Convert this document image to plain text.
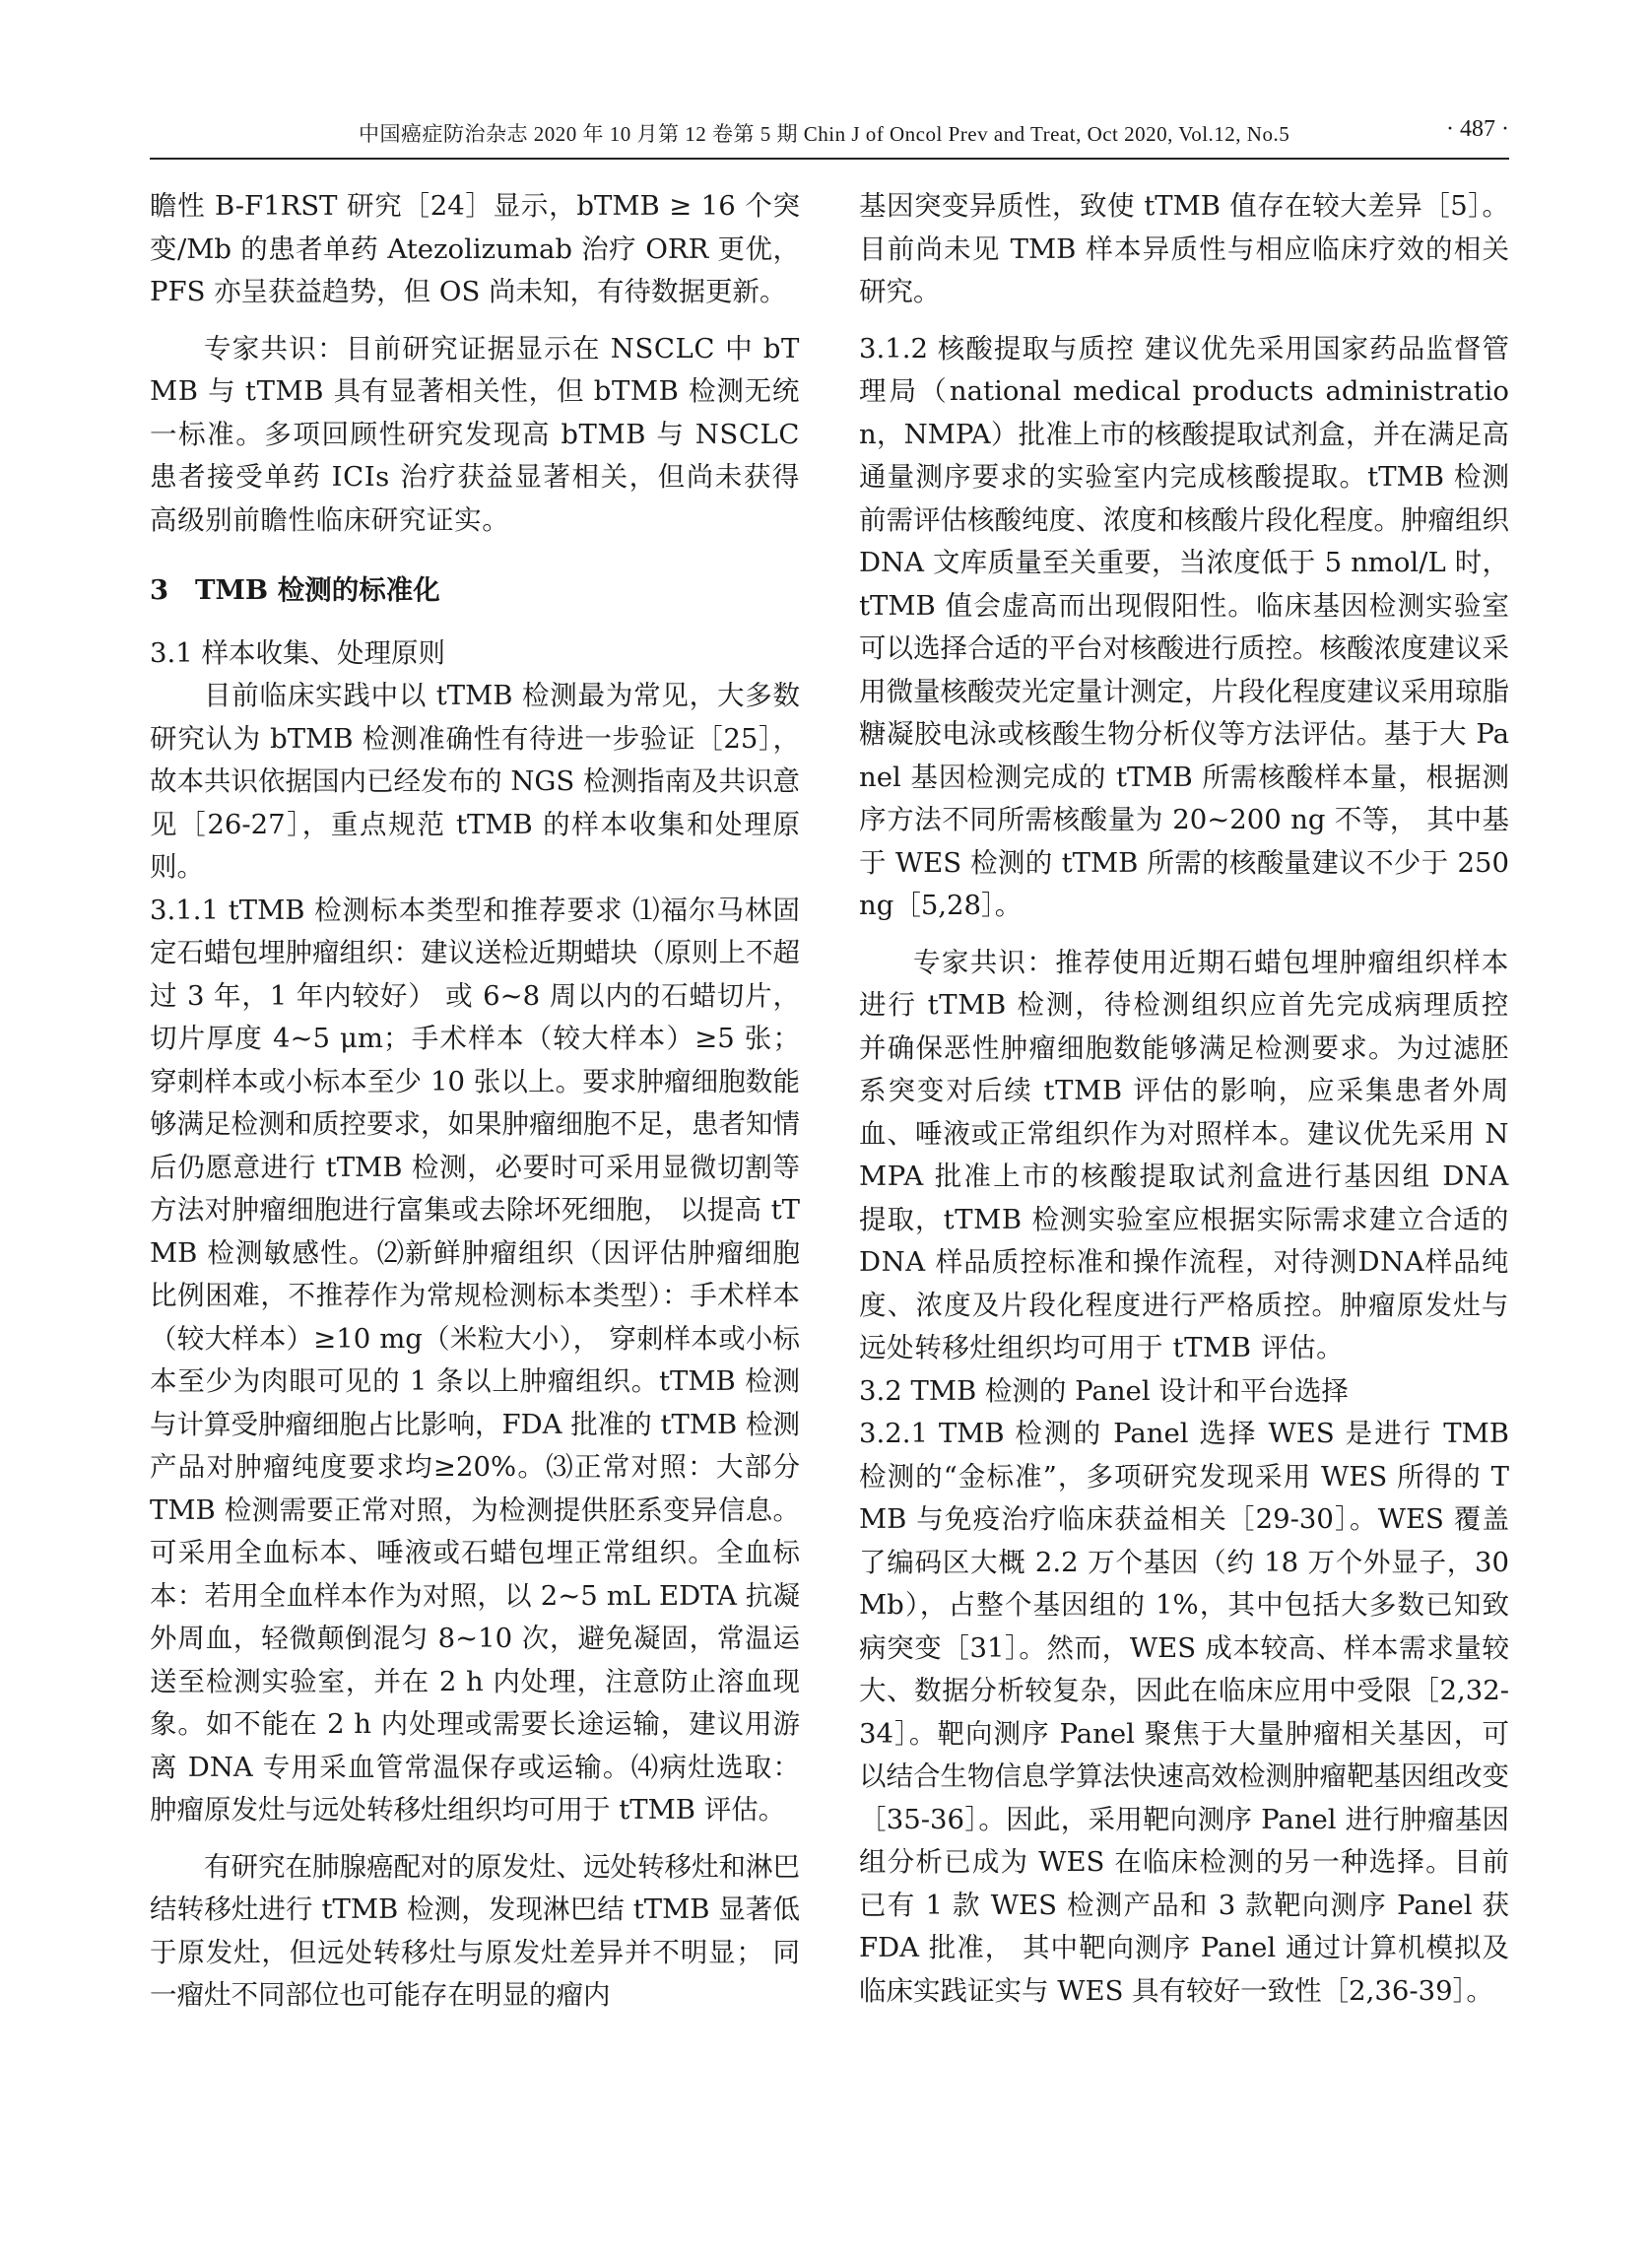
中国癌症防治杂志 2020 年 10 月第 12 卷第 5 期 Chin J of Oncol Prev and Treat, Oct 2020, Vol.12, No.5	· 487 ·

瞻性 B-F1RST 研究［24］显示，bTMB ≥ 16 个突变/Mb 的患者单药 Atezolizumab 治疗 ORR 更优，PFS 亦呈获益趋势，但 OS 尚未知，有待数据更新。

专家共识：目前研究证据显示在 NSCLC 中 bTMB 与 tTMB 具有显著相关性，但 bTMB 检测无统一标准。多项回顾性研究发现高 bTMB 与 NSCLC 患者接受单药 ICIs 治疗获益显著相关，但尚未获得高级别前瞻性临床研究证实。

3 TMB 检测的标准化
3.1 样本收集、处理原则

目前临床实践中以 tTMB 检测最为常见，大多数研究认为 bTMB 检测准确性有待进一步验证［25］，故本共识依据国内已经发布的 NGS 检测指南及共识意见［26-27］，重点规范 tTMB 的样本收集和处理原则。

3.1.1 tTMB 检测标本类型和推荐要求 ⑴福尔马林固定石蜡包埋肿瘤组织：建议送检近期蜡块（原则上不超过 3 年，1 年内较好） 或 6~8 周以内的石蜡切片，切片厚度 4~5 μm；手术样本（较大样本）≥5 张；穿刺样本或小标本至少 10 张以上。要求肿瘤细胞数能够满足检测和质控要求，如果肿瘤细胞不足，患者知情后仍愿意进行 tTMB 检测，必要时可采用显微切割等方法对肿瘤细胞进行富集或去除坏死细胞， 以提高 tTMB 检测敏感性。⑵新鲜肿瘤组织（因评估肿瘤细胞比例困难，不推荐作为常规检测标本类型）：手术样本（较大样本）≥10 mg（米粒大小）， 穿刺样本或小标本至少为肉眼可见的 1 条以上肿瘤组织。tTMB 检测与计算受肿瘤细胞占比影响，FDA 批准的 tTMB 检测产品对肿瘤纯度要求均≥20%。⑶正常对照：大部分 TMB 检测需要正常对照，为检测提供胚系变异信息。可采用全血标本、唾液或石蜡包埋正常组织。全血标本：若用全血样本作为对照，以 2~5 mL EDTA 抗凝外周血，轻微颠倒混匀 8~10 次，避免凝固，常温运送至检测实验室，并在 2 h 内处理，注意防止溶血现象。如不能在 2 h 内处理或需要长途运输，建议用游离 DNA 专用采血管常温保存或运输。⑷病灶选取：肿瘤原发灶与远处转移灶组织均可用于 tTMB 评估。

有研究在肺腺癌配对的原发灶、远处转移灶和淋巴结转移灶进行 tTMB 检测，发现淋巴结 tTMB 显著低于原发灶，但远处转移灶与原发灶差异并不明显； 同一瘤灶不同部位也可能存在明显的瘤内

基因突变异质性，致使 tTMB 值存在较大差异［5］。目前尚未见 TMB 样本异质性与相应临床疗效的相关研究。

3.1.2 核酸提取与质控 建议优先采用国家药品监督管理局（national medical products administration，NMPA）批准上市的核酸提取试剂盒，并在满足高通量测序要求的实验室内完成核酸提取。tTMB 检测前需评估核酸纯度、浓度和核酸片段化程度。肿瘤组织 DNA 文库质量至关重要，当浓度低于 5 nmol/L 时，tTMB 值会虚高而出现假阳性。临床基因检测实验室可以选择合适的平台对核酸进行质控。核酸浓度建议采用微量核酸荧光定量计测定，片段化程度建议采用琼脂糖凝胶电泳或核酸生物分析仪等方法评估。基于大 Panel 基因检测完成的 tTMB 所需核酸样本量，根据测序方法不同所需核酸量为 20~200 ng 不等， 其中基于 WES 检测的 tTMB 所需的核酸量建议不少于 250 ng［5,28］。

专家共识：推荐使用近期石蜡包埋肿瘤组织样本进行 tTMB 检测，待检测组织应首先完成病理质控并确保恶性肿瘤细胞数能够满足检测要求。为过滤胚系突变对后续 tTMB 评估的影响，应采集患者外周血、唾液或正常组织作为对照样本。建议优先采用 NMPA 批准上市的核酸提取试剂盒进行基因组 DNA 提取，tTMB 检测实验室应根据实际需求建立合适的 DNA 样品质控标准和操作流程，对待测DNA样品纯度、浓度及片段化程度进行严格质控。肿瘤原发灶与远处转移灶组织均可用于 tTMB 评估。

3.2 TMB 检测的 Panel 设计和平台选择

3.2.1 TMB 检测的 Panel 选择 WES 是进行 TMB 检测的“金标准”，多项研究发现采用 WES 所得的 TMB 与免疫治疗临床获益相关［29-30］。WES 覆盖了编码区大概 2.2 万个基因（约 18 万个外显子，30 Mb），占整个基因组的 1%，其中包括大多数已知致病突变［31］。然而，WES 成本较高、样本需求量较大、数据分析较复杂，因此在临床应用中受限［2,32-34］。靶向测序 Panel 聚焦于大量肿瘤相关基因，可以结合生物信息学算法快速高效检测肿瘤靶基因组改变［35-36］。因此，采用靶向测序 Panel 进行肿瘤基因组分析已成为 WES 在临床检测的另一种选择。目前已有 1 款 WES 检测产品和 3 款靶向测序 Panel 获 FDA 批准， 其中靶向测序 Panel 通过计算机模拟及临床实践证实与 WES 具有较好一致性［2,36-39］。
